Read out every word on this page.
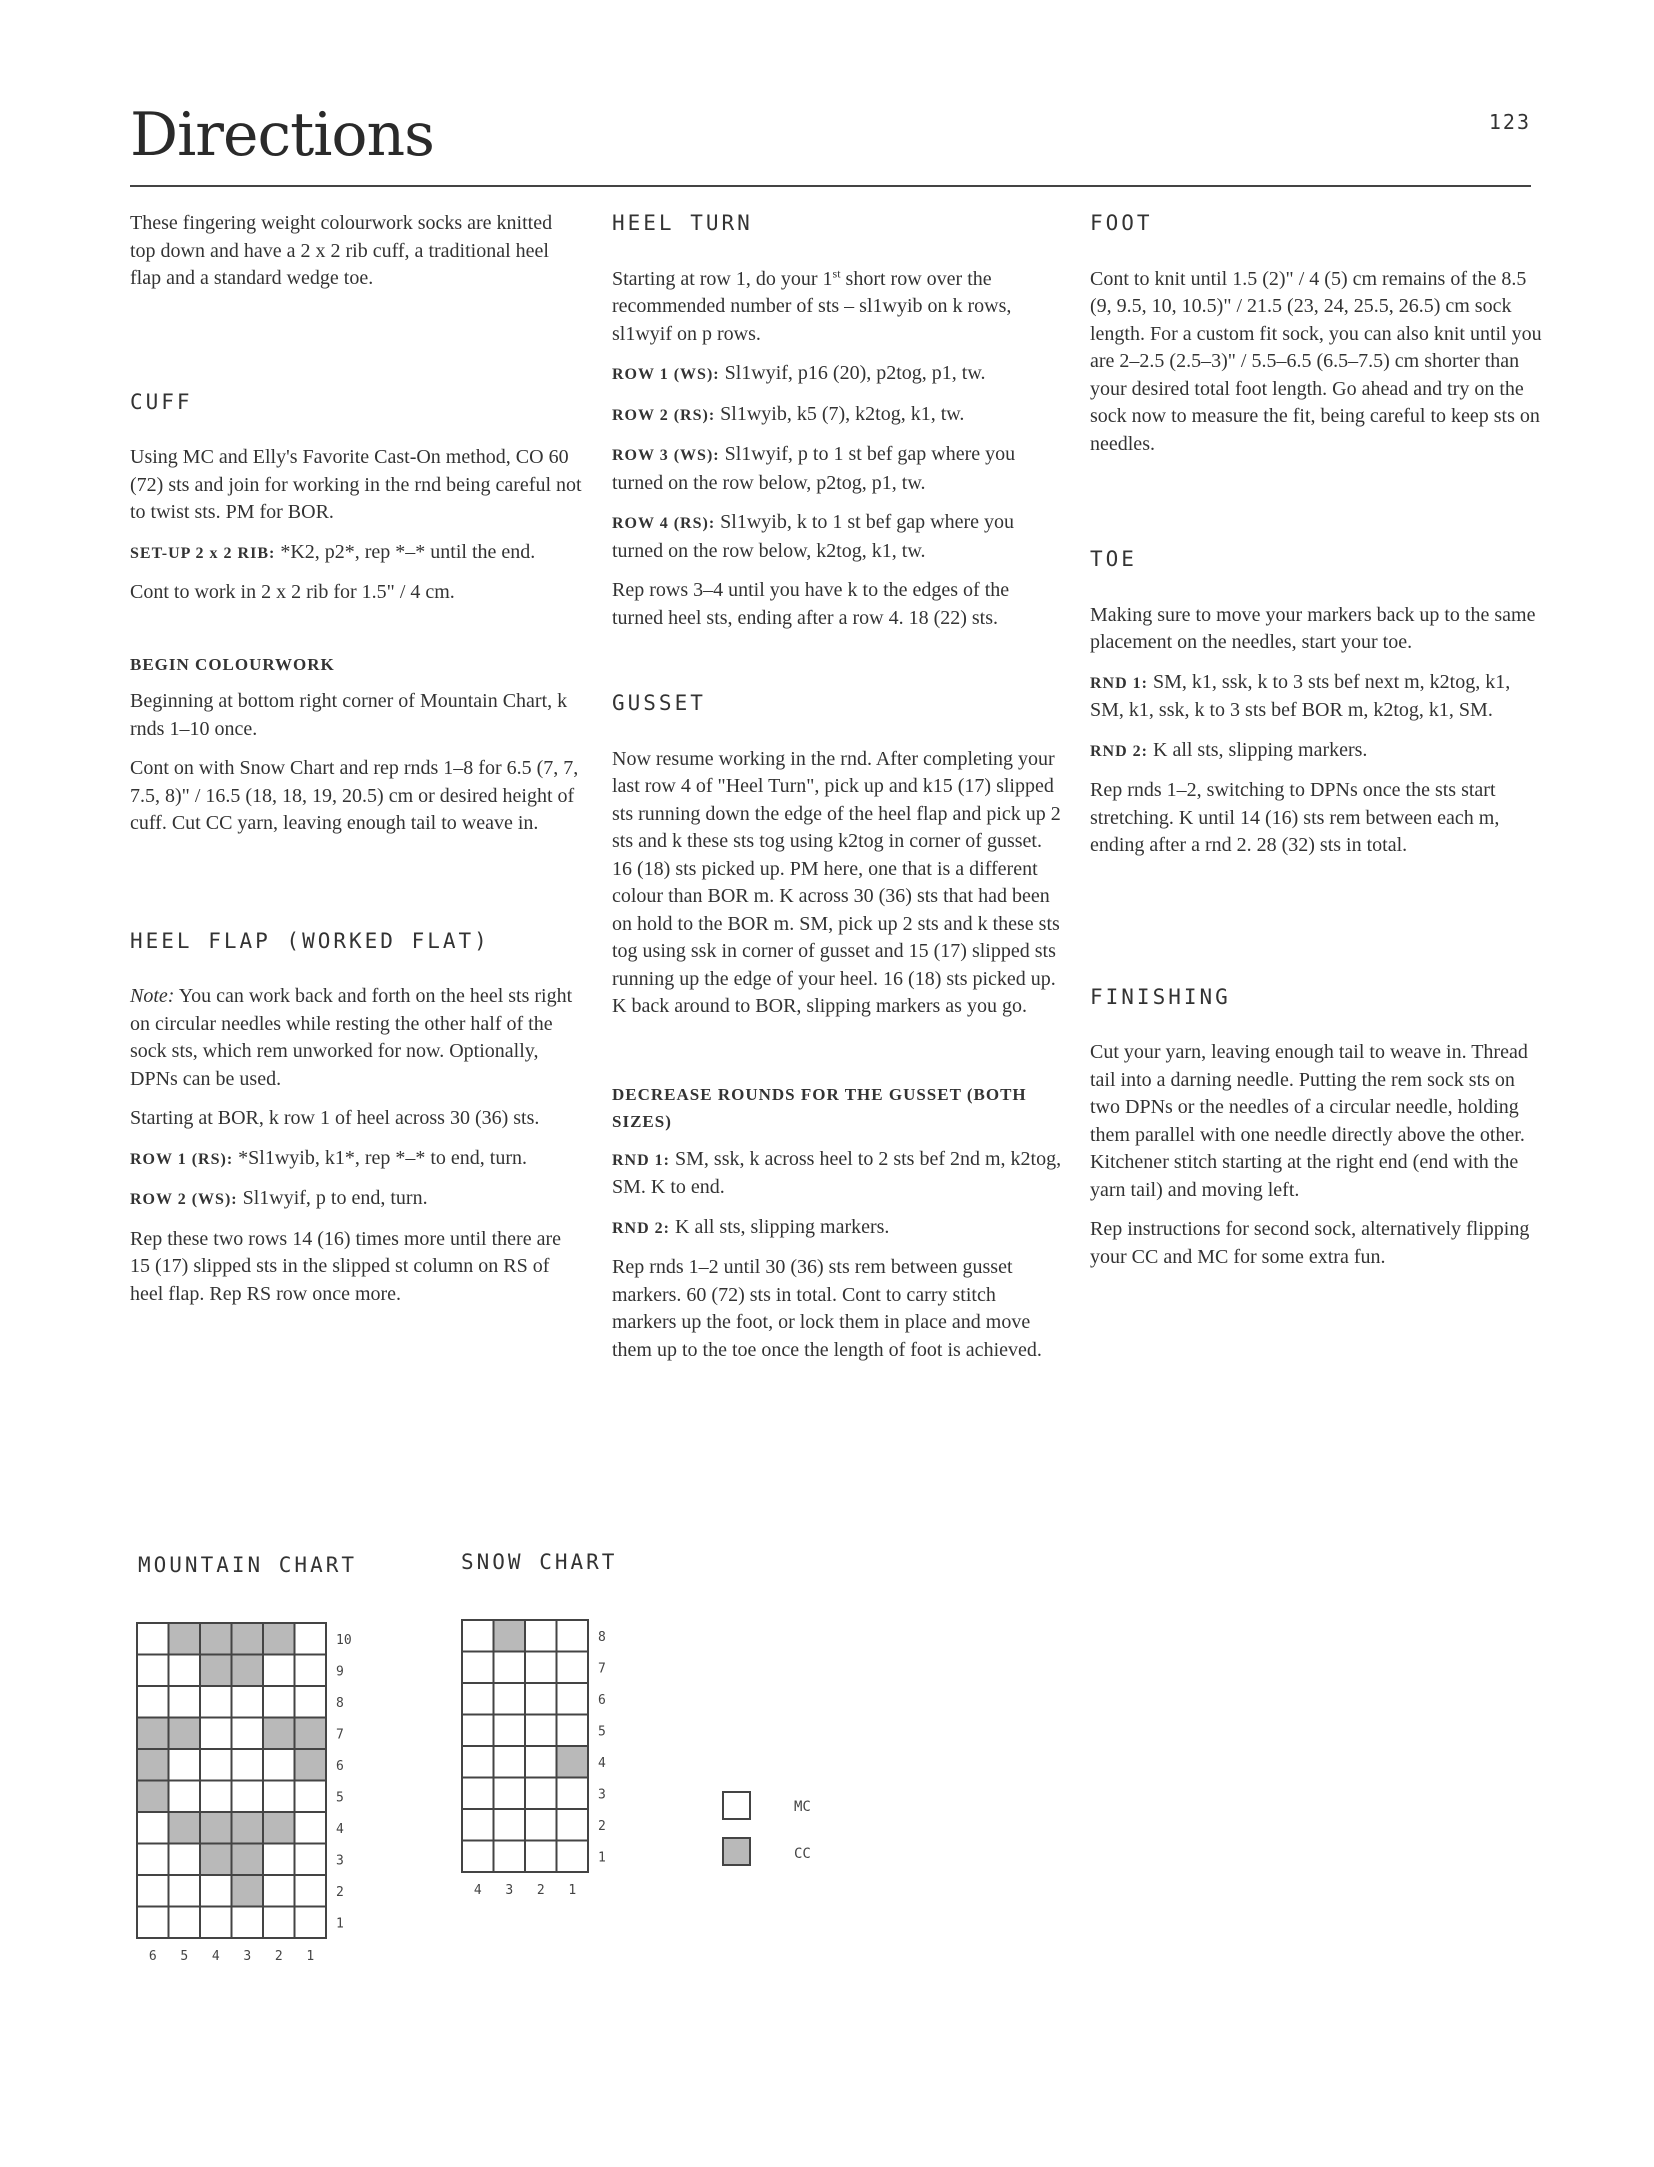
Directions	123

These fingering weight colourwork socks are knitted top down and have a 2 x 2 rib cuff, a traditional heel flap and a standard wedge toe.

CUFF

Using MC and Elly's Favorite Cast-On method, CO 60 (72) sts and join for working in the rnd being careful not to twist sts. PM for BOR.

SET-UP 2 x 2 RIB: *K2, p2*, rep *–* until the end.

Cont to work in 2 x 2 rib for 1.5" / 4 cm.

BEGIN COLOURWORK

Beginning at bottom right corner of Mountain Chart, k rnds 1–10 once.

Cont on with Snow Chart and rep rnds 1–8 for 6.5 (7, 7, 7.5, 8)" / 16.5 (18, 18, 19, 20.5) cm or desired height of cuff. Cut CC yarn, leaving enough tail to weave in.

HEEL FLAP (WORKED FLAT)

Note: You can work back and forth on the heel sts right on circular needles while resting the other half of the sock sts, which rem unworked for now. Optionally, DPNs can be used.

Starting at BOR, k row 1 of heel across 30 (36) sts.

ROW 1 (RS): *Sl1wyib, k1*, rep *–* to end, turn.

ROW 2 (WS): Sl1wyif, p to end, turn.

Rep these two rows 14 (16) times more until there are 15 (17) slipped sts in the slipped st column on RS of heel flap. Rep RS row once more.

HEEL TURN

Starting at row 1, do your 1st short row over the recommended number of sts – sl1wyib on k rows, sl1wyif on p rows.

ROW 1 (WS): Sl1wyif, p16 (20), p2tog, p1, tw.

ROW 2 (RS): Sl1wyib, k5 (7), k2tog, k1, tw.

ROW 3 (WS): Sl1wyif, p to 1 st bef gap where you turned on the row below, p2tog, p1, tw.

ROW 4 (RS): Sl1wyib, k to 1 st bef gap where you turned on the row below, k2tog, k1, tw.

Rep rows 3–4 until you have k to the edges of the turned heel sts, ending after a row 4. 18 (22) sts.

GUSSET

Now resume working in the rnd. After completing your last row 4 of "Heel Turn", pick up and k15 (17) slipped sts running down the edge of the heel flap and pick up 2 sts and k these sts tog using k2tog in corner of gusset. 16 (18) sts picked up. PM here, one that is a different colour than BOR m. K across 30 (36) sts that had been on hold to the BOR m. SM, pick up 2 sts and k these sts tog using ssk in corner of gusset and 15 (17) slipped sts running up the edge of your heel. 16 (18) sts picked up. K back around to BOR, slipping markers as you go.

DECREASE ROUNDS FOR THE GUSSET (BOTH SIZES)

RND 1: SM, ssk, k across heel to 2 sts bef 2nd m, k2tog, SM. K to end.

RND 2: K all sts, slipping markers.

Rep rnds 1–2 until 30 (36) sts rem between gusset markers. 60 (72) sts in total. Cont to carry stitch markers up the foot, or lock them in place and move them up to the toe once the length of foot is achieved.

FOOT

Cont to knit until 1.5 (2)" / 4 (5) cm remains of the 8.5 (9, 9.5, 10, 10.5)" / 21.5 (23, 24, 25.5, 26.5) cm sock length. For a custom fit sock, you can also knit until you are 2–2.5 (2.5–3)" / 5.5–6.5 (6.5–7.5) cm shorter than your desired total foot length. Go ahead and try on the sock now to measure the fit, being careful to keep sts on needles.

TOE

Making sure to move your markers back up to the same placement on the needles, start your toe.

RND 1: SM, k1, ssk, k to 3 sts bef next m, k2tog, k1, SM, k1, ssk, k to 3 sts bef BOR m, k2tog, k1, SM.

RND 2: K all sts, slipping markers.

Rep rnds 1–2, switching to DPNs once the sts start stretching. K until 14 (16) sts rem between each m, ending after a rnd 2. 28 (32) sts in total.

FINISHING

Cut your yarn, leaving enough tail to weave in. Thread tail into a darning needle. Putting the rem sock sts on two DPNs or the needles of a circular needle, holding them parallel with one needle directly above the other. Kitchener stitch starting at the right end (end with the yarn tail) and moving left.

Rep instructions for second sock, alternatively flipping your CC and MC for some extra fun.

MOUNTAIN CHART	SNOW CHART
10
9
8
7
6
5
4
3
2
1
6 5 4 3 2 1
8
7
6
5
4
3
2
1
4 3 2 1
MC
CC
